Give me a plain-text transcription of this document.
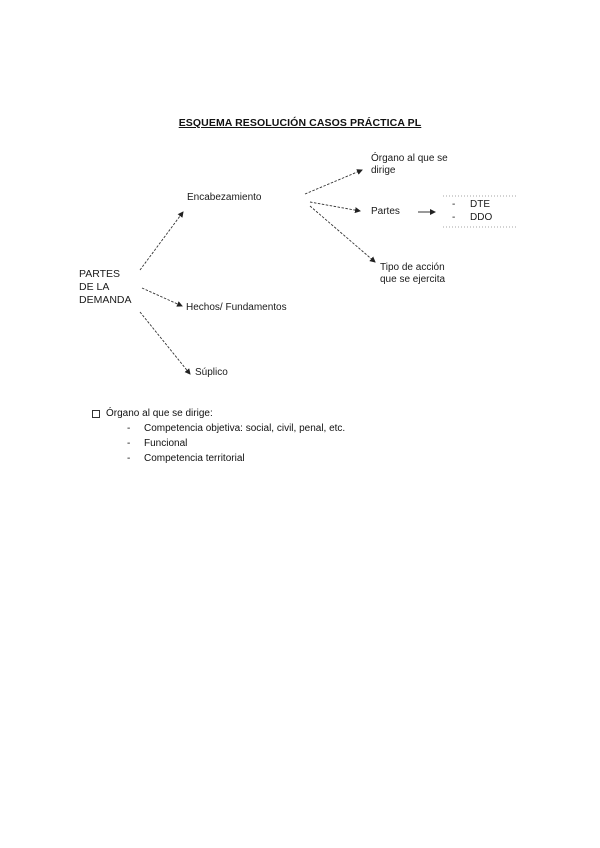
ESQUEMA RESOLUCIÓN CASOS PRÁCTICA PL
PARTES
DE LA
DEMANDA
Encabezamiento
Hechos/ Fundamentos
Súplico
Órgano al que se
dirige
Partes
- DTE
- DDO
Tipo de acción
que se ejercita
Órgano al que se dirige:
-	Competencia objetiva: social, civil, penal, etc.
-	Funcional
-	Competencia territorial
